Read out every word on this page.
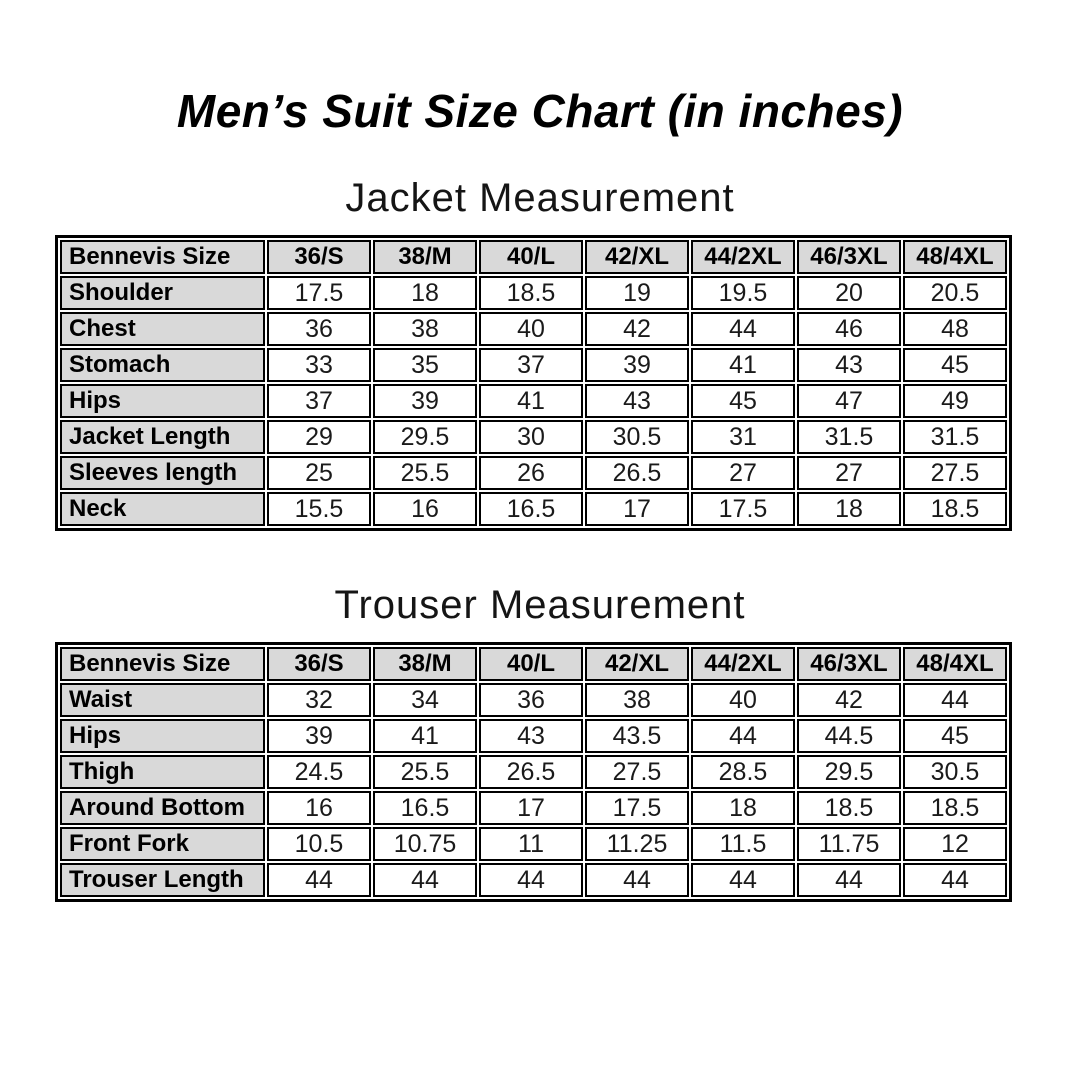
Men’s Suit Size Chart (in inches)
Jacket Measurement
Bennevis Size	36/S	38/M	40/L	42/XL	44/2XL	46/3XL	48/4XL
Shoulder	17.5	18	18.5	19	19.5	20	20.5
Chest	36	38	40	42	44	46	48
Stomach	33	35	37	39	41	43	45
Hips	37	39	41	43	45	47	49
Jacket Length	29	29.5	30	30.5	31	31.5	31.5
Sleeves length	25	25.5	26	26.5	27	27	27.5
Neck	15.5	16	16.5	17	17.5	18	18.5
Trouser Measurement
Bennevis Size	36/S	38/M	40/L	42/XL	44/2XL	46/3XL	48/4XL
Waist	32	34	36	38	40	42	44
Hips	39	41	43	43.5	44	44.5	45
Thigh	24.5	25.5	26.5	27.5	28.5	29.5	30.5
Around Bottom	16	16.5	17	17.5	18	18.5	18.5
Front Fork	10.5	10.75	11	11.25	11.5	11.75	12
Trouser Length	44	44	44	44	44	44	44
